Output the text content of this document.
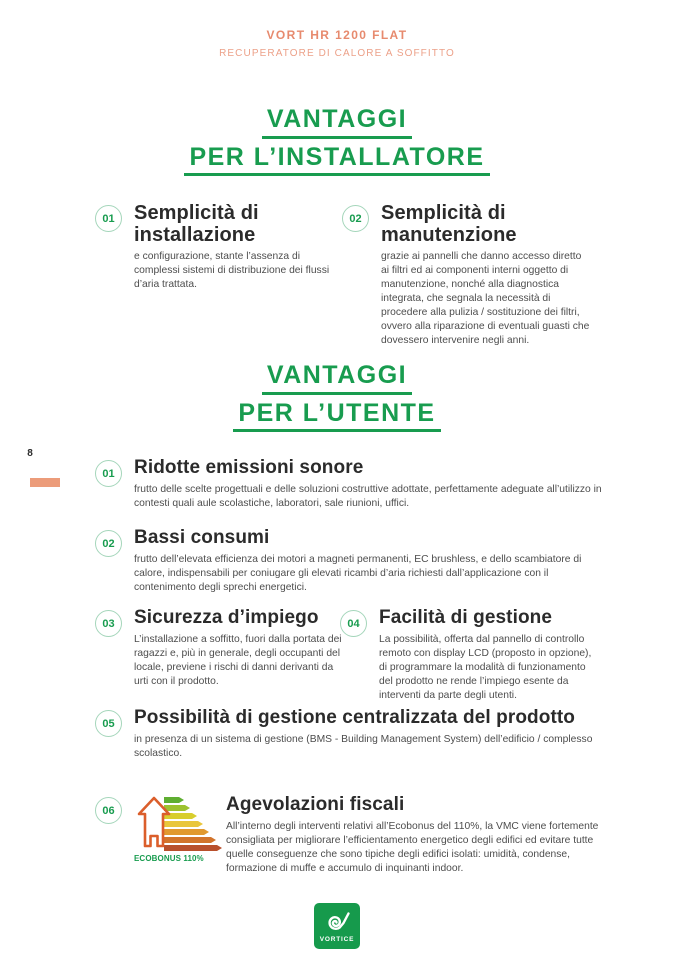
VORT HR 1200 FLAT
RECUPERATORE DI CALORE A SOFFITTO
VANTAGGI
PER L’INSTALLATORE
01 Semplicità di installazione
e configurazione, stante l’assenza di complessi sistemi di distribuzione dei flussi d’aria trattata.
02 Semplicità di manutenzione
grazie ai pannelli che danno accesso diretto ai filtri ed ai componenti interni oggetto di manutenzione, nonché alla diagnostica integrata, che segnala la necessità di procedere alla pulizia / sostituzione dei filtri, ovvero alla riparazione di eventuali guasti che dovessero intervenire negli anni.
VANTAGGI
PER L’UTENTE
8
01	Ridotte emissioni sonore
frutto delle scelte progettuali e delle soluzioni costruttive adottate, perfettamente adeguate all’utilizzo in contesti quali aule scolastiche, laboratori, sale riunioni, uffici.
02	Bassi consumi
frutto dell’elevata efficienza dei motori a magneti permanenti, EC brushless, e dello scambiatore di calore, indispensabili per coniugare gli elevati ricambi d’aria richiesti dall’applicazione con il contenimento degli sprechi energetici.
03	Sicurezza d’impiego
L’installazione a soffitto, fuori dalla portata dei ragazzi e, più in generale, degli occupanti del locale, previene i rischi di danni derivanti da urti con il prodotto.
04	Facilità di gestione
La possibilità, offerta dal pannello di controllo remoto con display LCD (proposto in opzione), di programmare la modalità di funzionamento del prodotto ne rende l’impiego esente da interventi da parte degli utenti.
05	Possibilità di gestione centralizzata del prodotto
in presenza di un sistema di gestione (BMS - Building Management System) dell’edificio / complesso scolastico.
06
ECOBONUS 110%
Agevolazioni fiscali
All’interno degli interventi relativi all’Ecobonus del 110%, la VMC viene fortemente consigliata per migliorare l’efficientamento energetico degli edifici ed evitare tutte quelle conseguenze che sono tipiche degli edifici isolati: umidità, condense, formazione di muffe e accumulo di inquinanti indoor.
VORTICE
